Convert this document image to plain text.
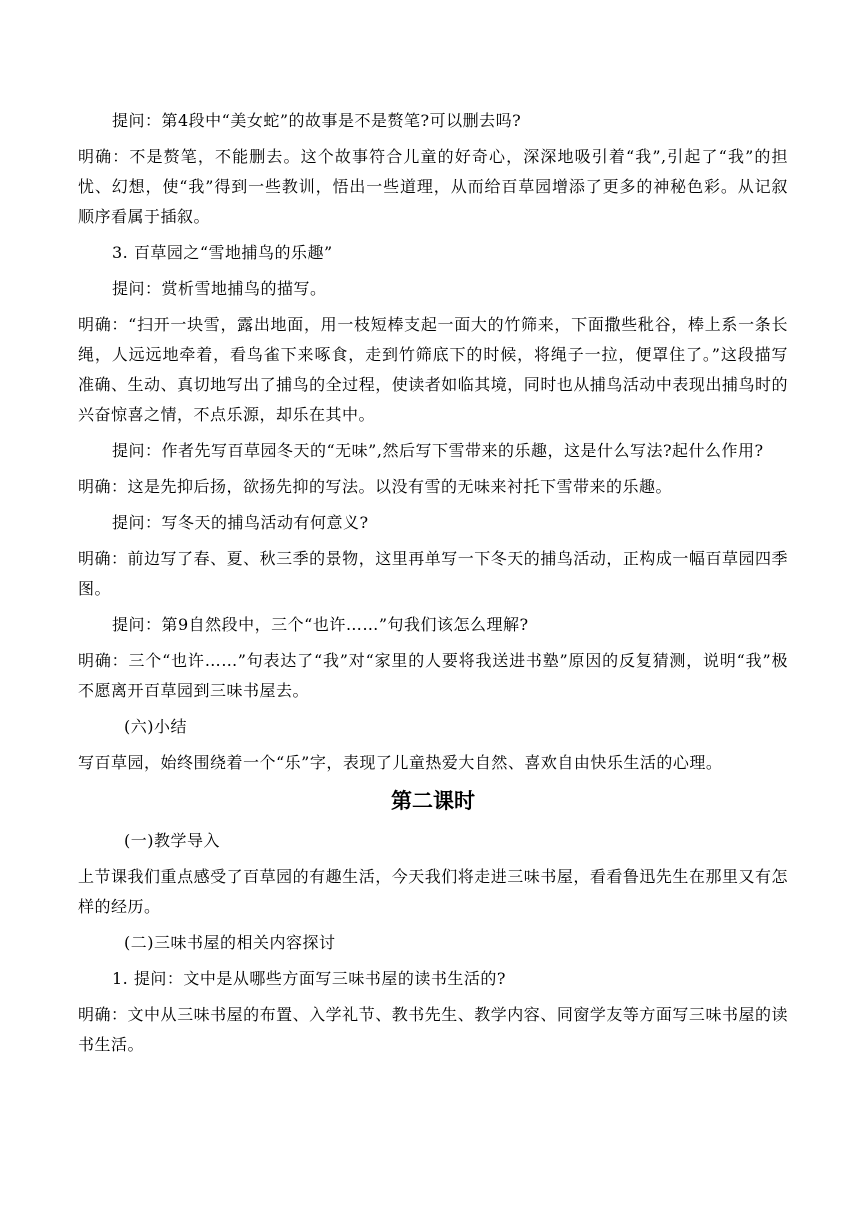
提问：第4段中“美女蛇”的故事是不是赘笔?可以删去吗?

明确：不是赘笔，不能删去。这个故事符合儿童的好奇心，深深地吸引着“我”,引起了“我”的担忧、幻想，使“我”得到一些教训，悟出一些道理，从而给百草园增添了更多的神秘色彩。从记叙顺序看属于插叙。

3. 百草园之“雪地捕鸟的乐趣”

提问：赏析雪地捕鸟的描写。

明确：“扫开一块雪，露出地面，用一枝短棒支起一面大的竹筛来，下面撒些秕谷，棒上系一条长绳，人远远地牵着，看鸟雀下来啄食，走到竹筛底下的时候，将绳子一拉，便罩住了。”这段描写准确、生动、真切地写出了捕鸟的全过程，使读者如临其境，同时也从捕鸟活动中表现出捕鸟时的兴奋惊喜之情，不点乐源，却乐在其中。

提问：作者先写百草园冬天的“无味”,然后写下雪带来的乐趣，这是什么写法?起什么作用?

明确：这是先抑后扬，欲扬先抑的写法。以没有雪的无味来衬托下雪带来的乐趣。

提问：写冬天的捕鸟活动有何意义?

明确：前边写了春、夏、秋三季的景物，这里再单写一下冬天的捕鸟活动，正构成一幅百草园四季图。

提问：第9自然段中，三个“也许……”句我们该怎么理解?

明确：三个“也许……”句表达了“我”对“家里的人要将我送进书塾”原因的反复猜测，说明“我”极不愿离开百草园到三味书屋去。

(六)小结

写百草园，始终围绕着一个“乐”字，表现了儿童热爱大自然、喜欢自由快乐生活的心理。

第二课时

(一)教学导入

上节课我们重点感受了百草园的有趣生活，今天我们将走进三味书屋，看看鲁迅先生在那里又有怎样的经历。

(二)三味书屋的相关内容探讨

1. 提问：文中是从哪些方面写三味书屋的读书生活的?

明确：文中从三味书屋的布置、入学礼节、教书先生、教学内容、同窗学友等方面写三味书屋的读书生活。
